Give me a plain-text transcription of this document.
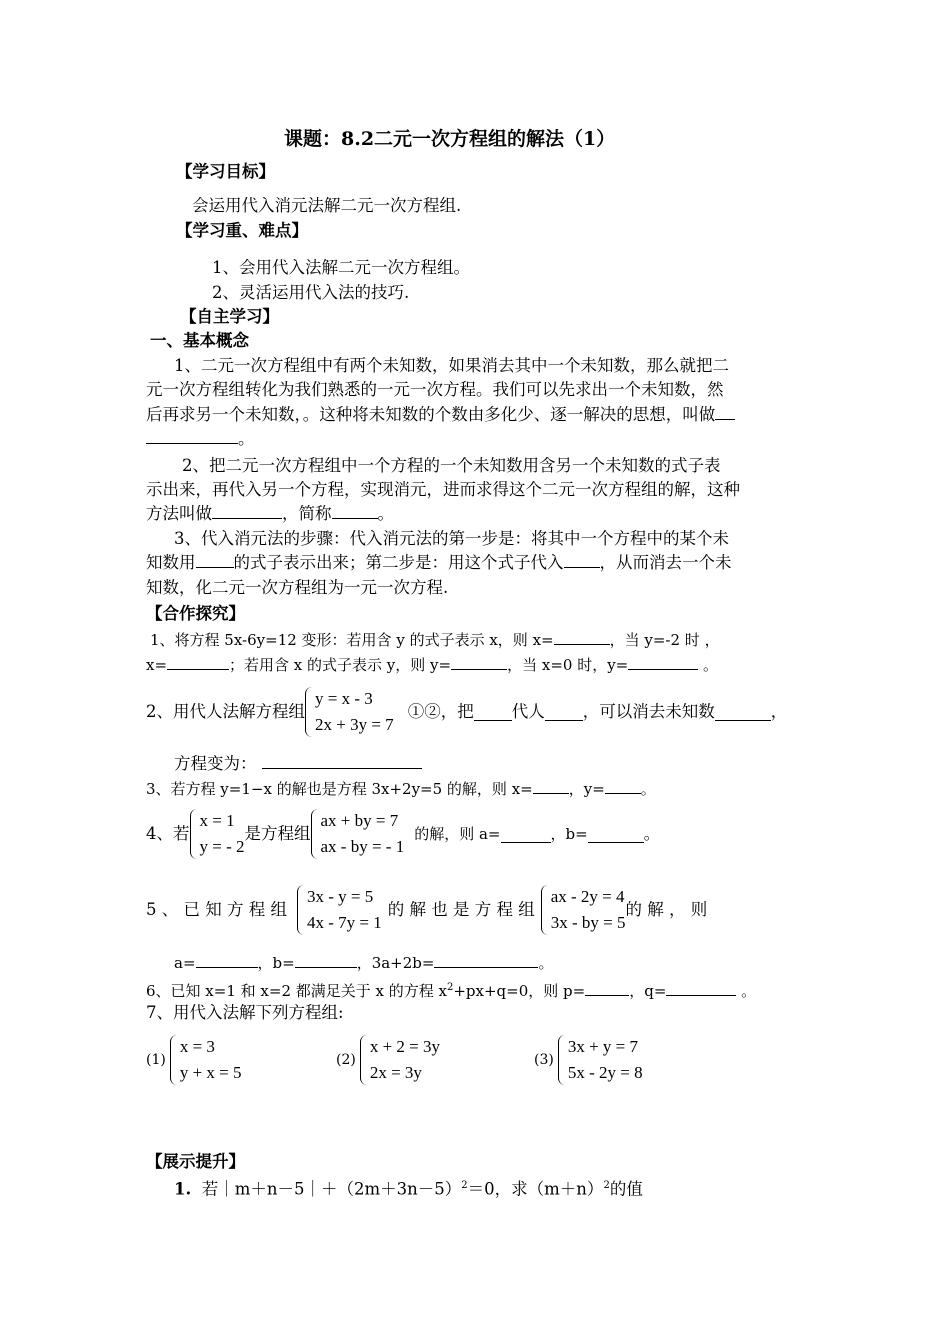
课题：8.2二元一次方程组的解法（1）
【学习目标】
会运用代入消元法解二元一次方程组.
【学习重、难点】
1、会用代入法解二元一次方程组。
2、灵活运用代入法的技巧.
【自主学习】
一、基本概念
1、二元一次方程组中有两个未知数，如果消去其中一个未知数，那么就把二
元一次方程组转化为我们熟悉的一元一次方程。我们可以先求出一个未知数，然
后再求另一个未知数，。这种将未知数的个数由多化少、逐一解决的思想，叫做
。
2、把二元一次方程组中一个方程的一个未知数用含另一个未知数的式子表
示出来，再代入另一个方程，实现消元，进而求得这个二元一次方程组的解，这种
方法叫做	，简称	。
3、代入消元法的步骤：代入消元法的第一步是：将其中一个方程中的某个未
知数用 的式子表示出来；第二步是：用这个式子代入 ，从而消去一个未
知数，化二元一次方程组为一元一次方程.
【合作探究】
1、将方程 5x-6y=12 变形：若用含 y 的式子表示 x，则 x=	，当 y=-2 时 ，
x=	；若用含 x 的式子表示 y，则 y=	，当 x=0 时，y=	。
2、用代人法解方程组
y = x - 3
2x + 3y = 7
①②，把 代人 ，可以消去未知数	，
方程变为：
3、若方程 y=1−x 的解也是方程 3x+2y=5 的解，则 x= ，y= 。
4、若
x = 1
y = - 2
是方程组
ax + by = 7
ax - by = - 1
的解，则 a=	，b=	。
5 、 已 知 方 程 组
3x - y = 5
4x - 7y = 1
的 解 也 是 方 程 组
ax - 2y = 4
3x - by = 5
的 解 ， 则
a=	，b=	，3a+2b=	。
6、已知 x=1 和 x=2 都满足关于 x 的方程 $x^2+px+q=0$，则 p=	，q=	。
7、用代入法解下列方程组:
(1)
x = 3
y + x = 5
(2)
x + 2 = 3y
2x = 3y
(3)
3x + y = 7
5x - 2y = 8
【展示提升】
1. 若$|m+n-5|+(2m+3n-5)^2=0$，求$(m+n)^2$的值
